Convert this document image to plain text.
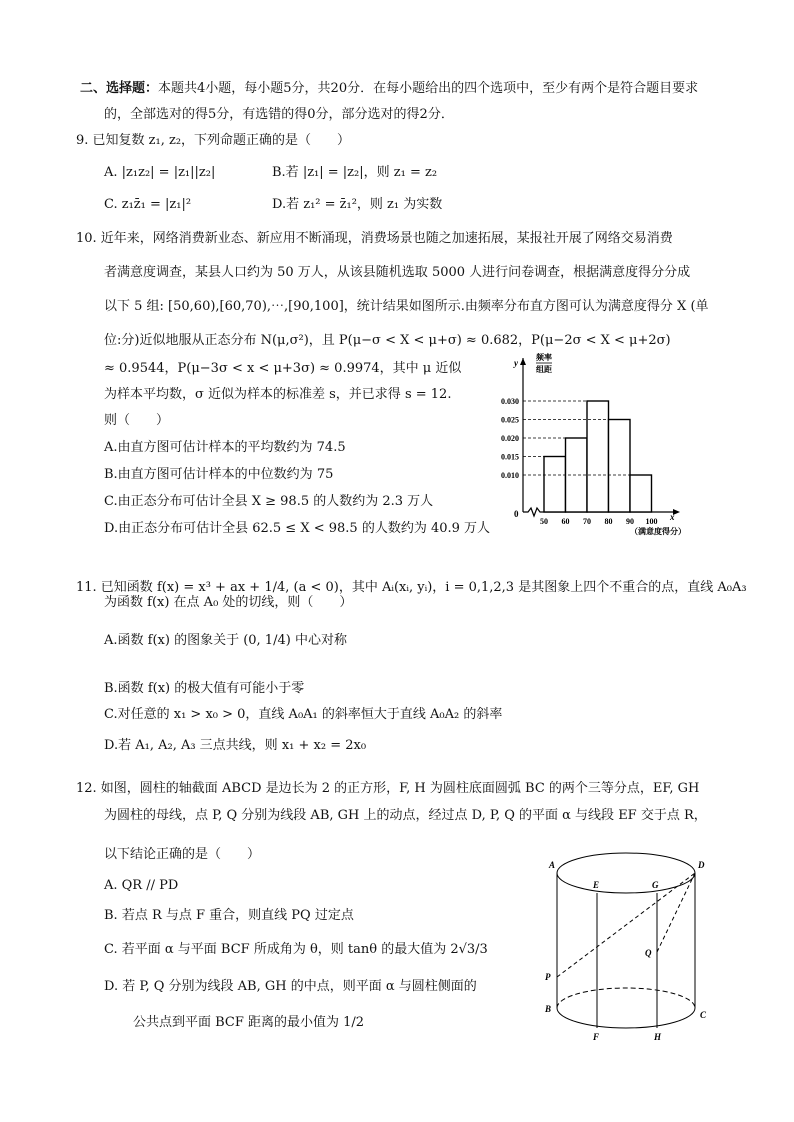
二、选择题：本题共4小题，每小题5分，共20分．在每小题给出的四个选项中，至少有两个是符合题目要求
的，全部选对的得5分，有选错的得0分，部分选对的得2分．
9. 已知复数 z₁, z₂，下列命题正确的是（　　）
A. |z₁z₂| = |z₁||z₂|	B.若 |z₁| = |z₂|，则 z₁ = z₂
C. z₁z̄₁ = |z₁|²	D.若 z₁² = z̄₁²，则 z₁ 为实数
10. 近年来，网络消费新业态、新应用不断涌现，消费场景也随之加速拓展，某报社开展了网络交易消费
者满意度调查，某县人口约为 50 万人，从该县随机选取 5000 人进行问卷调查，根据满意度得分分成
以下 5 组: [50,60),[60,70),⋯,[90,100]，统计结果如图所示.由频率分布直方图可认为满意度得分 X (单
位:分)近似地服从正态分布 N(μ,σ²)，且 P(μ−σ < X < μ+σ) ≈ 0.682，P(μ−2σ < X < μ+2σ)
≈ 0.9544，P(μ−3σ < x < μ+3σ) ≈ 0.9974，其中 μ 近似
为样本平均数，σ 近似为样本的标准差 s，并已求得 s = 12.
则（　　）
A.由直方图可估计样本的平均数约为 74.5
B.由直方图可估计样本的中位数约为 75
C.由正态分布可估计全县 X ≥ 98.5 的人数约为 2.3 万人
D.由正态分布可估计全县 62.5 ≤ X < 98.5 的人数约为 40.9 万人
0.010
0.015
0.020
0.025
0.030
50 60 70 80 90 100
频率
组距
y
x
（满意度得分）
0
11. 已知函数 f(x) = x³ + ax + 1/4, (a < 0)，其中 Aᵢ(xᵢ, yᵢ)，i = 0,1,2,3 是其图象上四个不重合的点，直线 A₀A₃
为函数 f(x) 在点 A₀ 处的切线，则（　　）
A.函数 f(x) 的图象关于 (0, 1/4) 中心对称
B.函数 f(x) 的极大值有可能小于零
C.对任意的 x₁ > x₀ > 0，直线 A₀A₁ 的斜率恒大于直线 A₀A₂ 的斜率
D.若 A₁, A₂, A₃ 三点共线，则 x₁ + x₂ = 2x₀
12. 如图，圆柱的轴截面 ABCD 是边长为 2 的正方形，F, H 为圆柱底面圆弧 BC 的两个三等分点，EF, GH
为圆柱的母线，点 P, Q 分别为线段 AB, GH 上的动点，经过点 D, P, Q 的平面 α 与线段 EF 交于点 R，
以下结论正确的是（　　）
A. QR // PD
B. 若点 R 与点 F 重合，则直线 PQ 过定点
C. 若平面 α 与平面 BCF 所成角为 θ，则 tanθ 的最大值为 2√3/3
D. 若 P, Q 分别为线段 AB, GH 的中点，则平面 α 与圆柱侧面的
公共点到平面 BCF 距离的最小值为 1/2
A	D
E	G
Q
P
B
C
F	H
